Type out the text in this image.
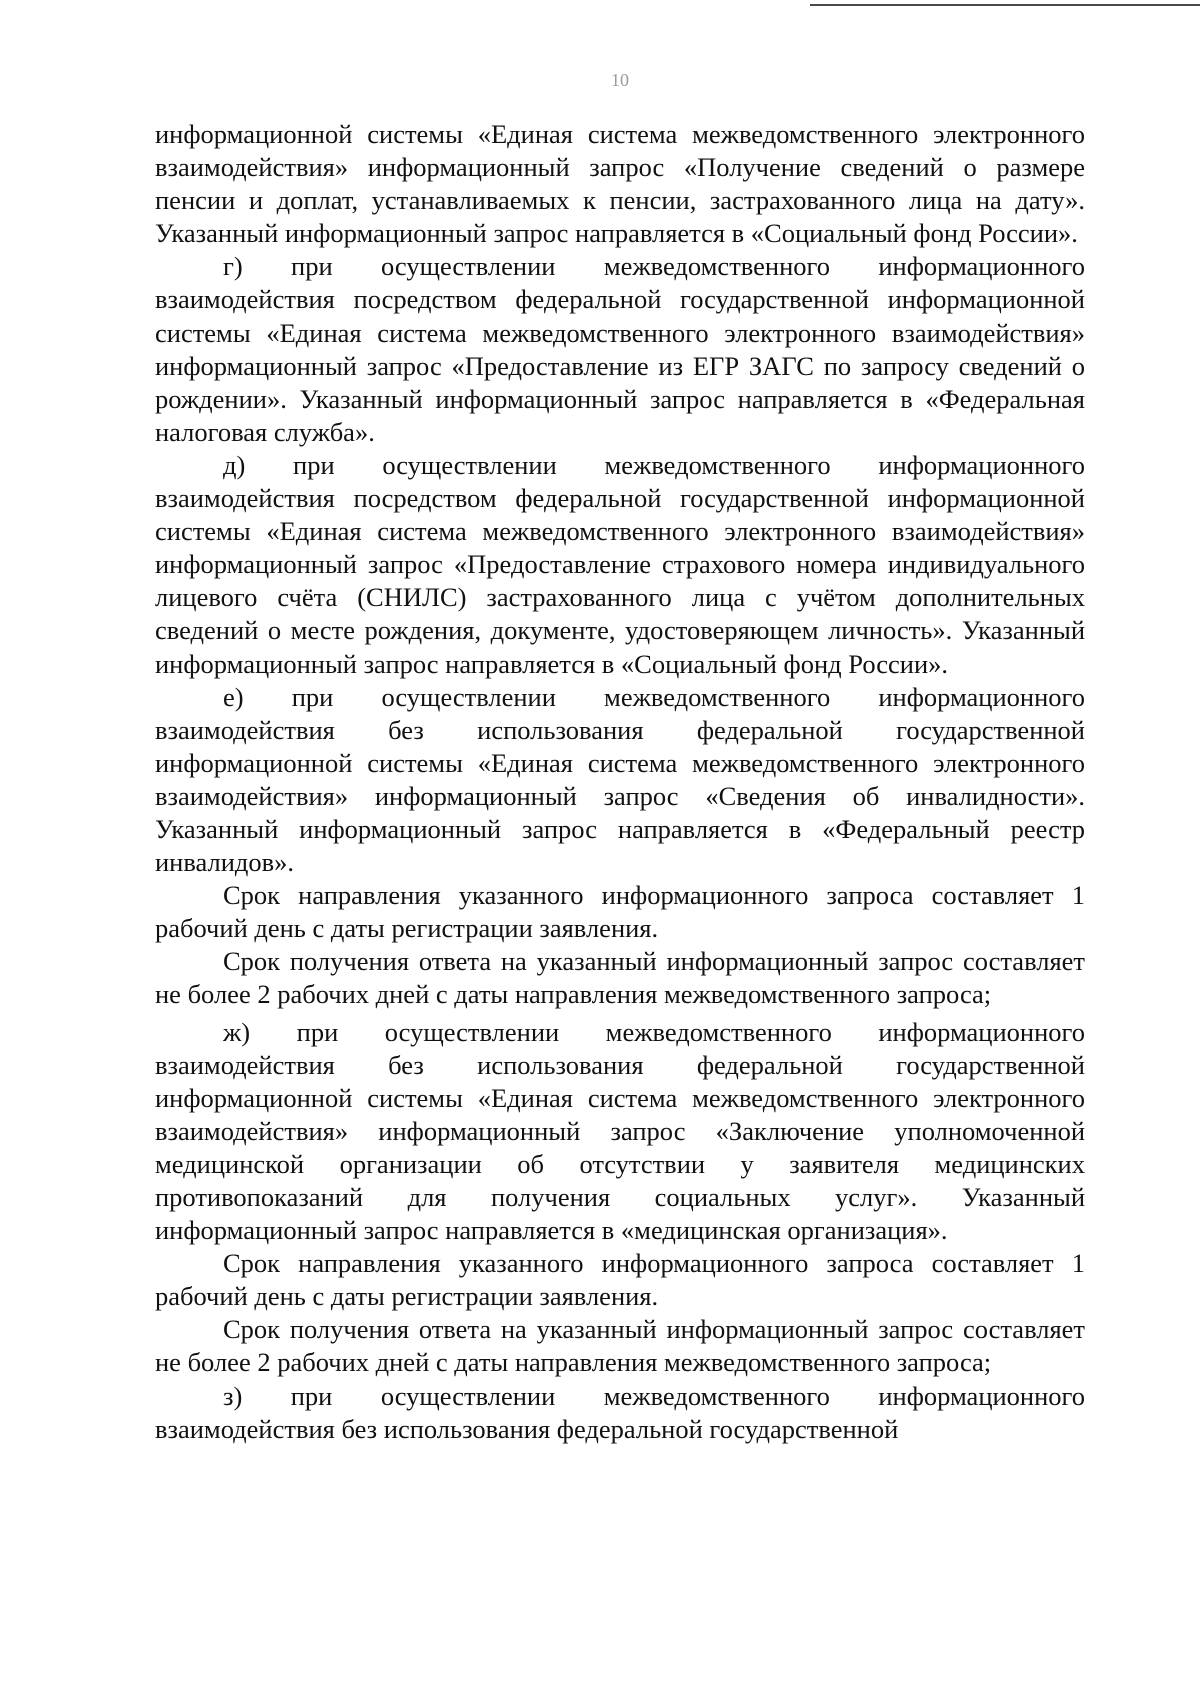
10

информационной системы «Единая система межведомственного электронного взаимодействия» информационный запрос «Получение сведений о размере пенсии и доплат, устанавливаемых к пенсии, застрахованного лица на дату». Указанный информационный запрос направляется в «Социальный фонд России».

г) при осуществлении межведомственного информационного взаимодействия посредством федеральной государственной информационной системы «Единая система межведомственного электронного взаимодействия» информационный запрос «Предоставление из ЕГР ЗАГС по запросу сведений о рождении». Указанный информационный запрос направляется в «Федеральная налоговая служба».

д) при осуществлении межведомственного информационного взаимодействия посредством федеральной государственной информационной системы «Единая система межведомственного электронного взаимодействия» информационный запрос «Предоставление страхового номера индивидуального лицевого счёта (СНИЛС) застрахованного лица с учётом дополнительных сведений о месте рождения, документе, удостоверяющем личность». Указанный информационный запрос направляется в «Социальный фонд России».

е) при осуществлении межведомственного информационного взаимодействия без использования федеральной государственной информационной системы «Единая система межведомственного электронного взаимодействия» информационный запрос «Сведения об инвалидности». Указанный информационный запрос направляется в «Федеральный реестр инвалидов».

Срок направления указанного информационного запроса составляет 1 рабочий день с даты регистрации заявления.

Срок получения ответа на указанный информационный запрос составляет не более 2 рабочих дней с даты направления межведомственного запроса;

ж) при осуществлении межведомственного информационного взаимодействия без использования федеральной государственной информационной системы «Единая система межведомственного электронного взаимодействия» информационный запрос «Заключение уполномоченной медицинской организации об отсутствии у заявителя медицинских противопоказаний для получения социальных услуг». Указанный информационный запрос направляется в «медицинская организация».

Срок направления указанного информационного запроса составляет 1 рабочий день с даты регистрации заявления.

Срок получения ответа на указанный информационный запрос составляет не более 2 рабочих дней с даты направления межведомственного запроса;

з) при осуществлении межведомственного информационного взаимодействия без использования федеральной государственной
